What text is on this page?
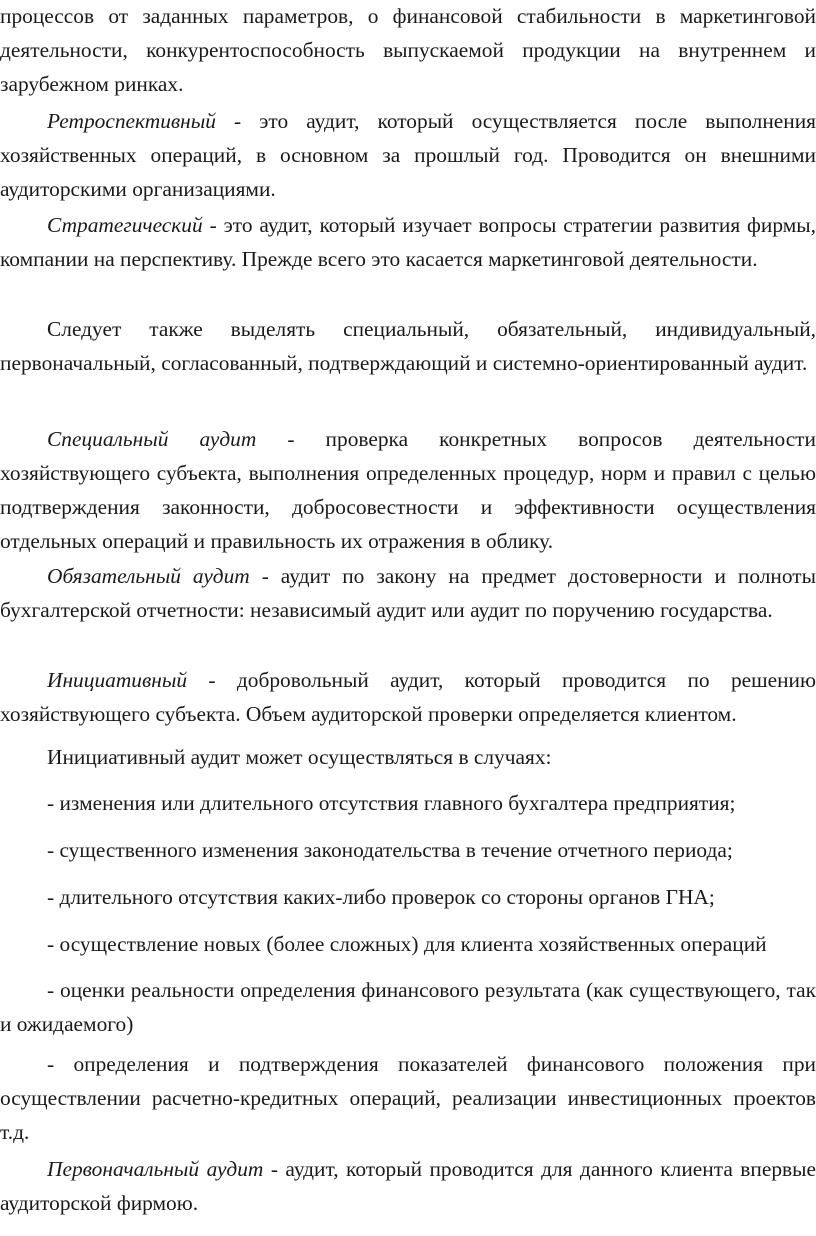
процессов от заданных параметров, о финансовой стабильности в маркетинговой деятельности, конкурентоспособность выпускаемой продукции на внутреннем и зарубежном ринках.

Ретроспективный - это аудит, который осуществляется после выполнения хозяйственных операций, в основном за прошлый год. Проводится он внешними аудиторскими организациями.

Стратегический - это аудит, который изучает вопросы стратегии развития фирмы, компании на перспективу. Прежде всего это касается маркетинговой деятельности.

Следует также выделять специальный, обязательный, индивидуальный, первоначальный, согласованный, подтверждающий и системно-ориентированный аудит.

Специальный аудит - проверка конкретных вопросов деятельности хозяйствующего субъекта, выполнения определенных процедур, норм и правил с целью подтверждения законности, добросовестности и эффективности осуществления отдельных операций и правильность их отражения в облику.

Обязательный аудит - аудит по закону на предмет достоверности и полноты бухгалтерской отчетности: независимый аудит или аудит по поручению государства.

Инициативный - добровольный аудит, который проводится по решению хозяйствующего субъекта. Объем аудиторской проверки определяется клиентом.

Инициативный аудит может осуществляться в случаях:

- изменения или длительного отсутствия главного бухгалтера предприятия;

- существенного изменения законодательства в течение отчетного периода;

- длительного отсутствия каких-либо проверок со стороны органов ГНА;

- осуществление новых (более сложных) для клиента хозяйственных операций

- оценки реальности определения финансового результата (как существующего, так и ожидаемого)

- определения и подтверждения показателей финансового положения при осуществлении расчетно-кредитных операций, реализации инвестиционных проектов т.д.

Первоначальный аудит - аудит, который проводится для данного клиента впервые аудиторской фирмою.
